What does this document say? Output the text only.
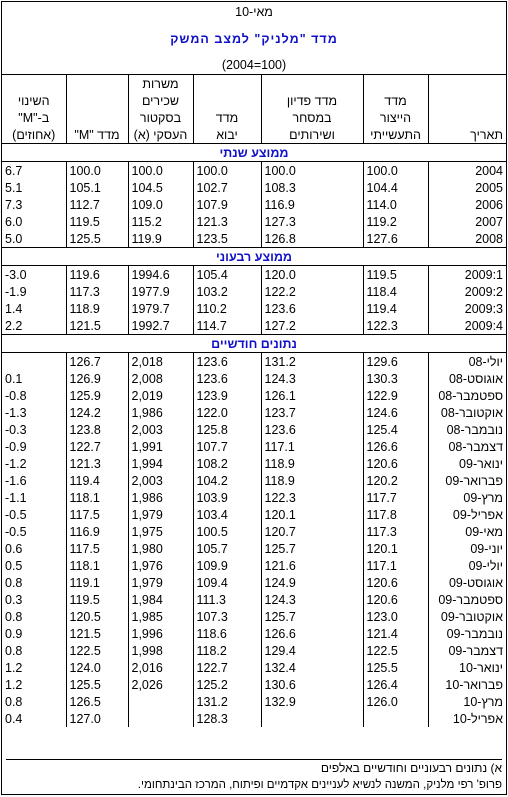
מאי-10						
מדד "מלניק" למצב המשק						
(2004=100)						
		משרות				
השינוי		שכירים		מדד פדיון	מדד	
ב-"M"		בסקטור	מדד	במסחר	הייצור	
(אחוזים)	מדד "M"	העסקי (א)	יבוא	ושירותים	התעשייתי	תאריך
ממוצע שנתי						
6.7	100.0	100.0	100.0	100.0	100.0	2004
5.1	105.1	104.5	102.7	108.3	104.4	2005
7.3	112.7	109.0	107.9	116.9	114.0	2006
6.0	119.5	115.2	121.3	127.3	119.2	2007
5.0	125.5	119.9	123.5	126.8	127.6	2008
ממוצע רבעוני						
-3.0	119.6	1994.6	105.4	120.0	119.5	2009:1
-1.9	117.3	1977.9	103.2	122.2	118.4	2009:2
1.4	118.9	1979.7	110.2	123.6	119.4	2009:3
2.2	121.5	1992.7	114.7	127.2	122.3	2009:4
נתונים חודשיים						
	126.7	2,018	123.6	131.2	129.6	יולי-08
0.1	126.9	2,008	123.6	124.3	130.3	אוגוסט-08
-0.8	125.9	2,019	123.9	126.1	122.9	ספטמבר-08
-1.3	124.2	1,986	122.0	123.7	124.6	אוקטובר-08
-0.3	123.8	2,003	125.8	123.6	125.4	נובמבר-08
-0.9	122.7	1,991	107.7	117.1	126.6	דצמבר-08
-1.2	121.3	1,994	108.2	118.9	120.6	ינואר-09
-1.6	119.4	2,003	104.2	118.9	120.2	פברואר-09
-1.1	118.1	1,986	103.9	122.3	117.7	מרץ-09
-0.5	117.5	1,979	103.4	120.1	117.8	אפריל-09
-0.5	116.9	1,975	100.5	120.7	117.3	מאי-09
0.6	117.5	1,980	105.7	125.7	120.1	יוני-09
0.5	118.1	1,976	109.9	121.6	117.1	יולי-09
0.8	119.1	1,979	109.4	124.9	120.6	אוגוסט-09
0.3	119.5	1,984	111.3	124.3	120.6	ספטמבר-09
0.8	120.5	1,985	107.3	125.7	123.0	אוקטובר-09
0.9	121.5	1,996	118.6	126.6	121.4	נובמבר-09
0.8	122.5	1,998	118.2	129.4	122.5	דצמבר-09
1.2	124.0	2,016	122.7	132.4	125.5	ינואר-10
1.2	125.5	2,026	125.2	130.6	126.4	פברואר-10
0.8	126.5		131.2	132.9	126.0	מרץ-10
0.4	127.0		128.3			אפריל-10
א) נתונים רבעוניים וחודשיים באלפים
פרופ' רפי מלניק, המשנה לנשיא לעניינים אקדמיים ופיתוח, המרכז הבינתחומי.
